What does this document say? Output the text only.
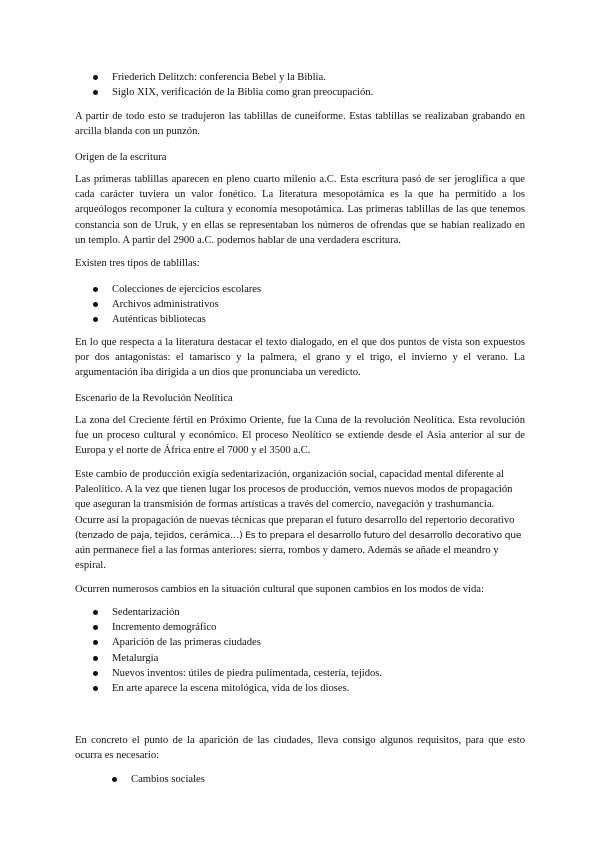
Friederich Delitzch: conferencia Bebel y la Biblia.
Siglo XIX, verificación de la Biblia como gran preocupación.

A partir de todo esto se tradujeron las tablillas de cuneiforme. Estas tablillas se realizaban grabando en arcilla blanda con un punzón.

Origen de la escritura

Las primeras tablillas aparecen en pleno cuarto milenio a.C. Esta escritura pasó de ser jeroglífica a que cada carácter tuviera un valor fonético. La literatura mesopotámica es la que ha permitido a los arqueólogos recomponer la cultura y economía mesopotámica. Las primeras tablillas de las que tenemos constancia son de Uruk, y en ellas se representaban los números de ofrendas que se habían realizado en un templo. A partir del 2900 a.C. podemos hablar de una verdadera escritura.

Existen tres tipos de tablillas:

Colecciones de ejercicios escolares
Archivos administrativos
Auténticas bibliotecas

En lo que respecta a la literatura destacar el texto dialogado, en el que dos puntos de vista son expuestos por dos antagonistas: el tamarisco y la palmera, el grano y el trigo, el invierno y el verano. La argumentación iba dirigida a un dios que pronunciaba un veredicto.

Escenario de la Revolución Neolítica

La zona del Creciente fértil en Próximo Oriente, fue la Cuna de la revolución Neolítica. Esta revolución fue un proceso cultural y económico. El proceso Neolítico se extiende desde el Asia anterior al sur de Europa y el norte de África entre el 7000 y el 3500 a.C.

Este cambio de producción exigía sedentarización, organización social, capacidad mental diferente al
Paleolítico. A la vez que tienen lugar los procesos de producción, vemos nuevos modos de propagación
que aseguran la transmisión de formas artísticas a través del comercio, navegación y trashumancia.
Ocurre así la propagación de nuevas técnicas que preparan el futuro desarrollo del repertorio decorativo
(tenzado de paja, tejidos, cerámica…) Es to prepara el desarrollo futuro del desarrollo decorativo que
aún permanece fiel a las formas anteriores: sierra, rombos y damero. Además se añade el meandro y espiral.

Ocurren numerosos cambios en la situación cultural que suponen cambios en los modos de vida:

Sedentarización
Incremento demográfico
Aparición de las primeras ciudades
Metalurgia
Nuevos inventos: útiles de piedra pulimentada, cestería, tejidos.
En arte aparece la escena mitológica, vida de los dioses.

En concreto el punto de la aparición de las ciudades, lleva consigo algunos requisitos, para que esto ocurra es necesario:

Cambios sociales
